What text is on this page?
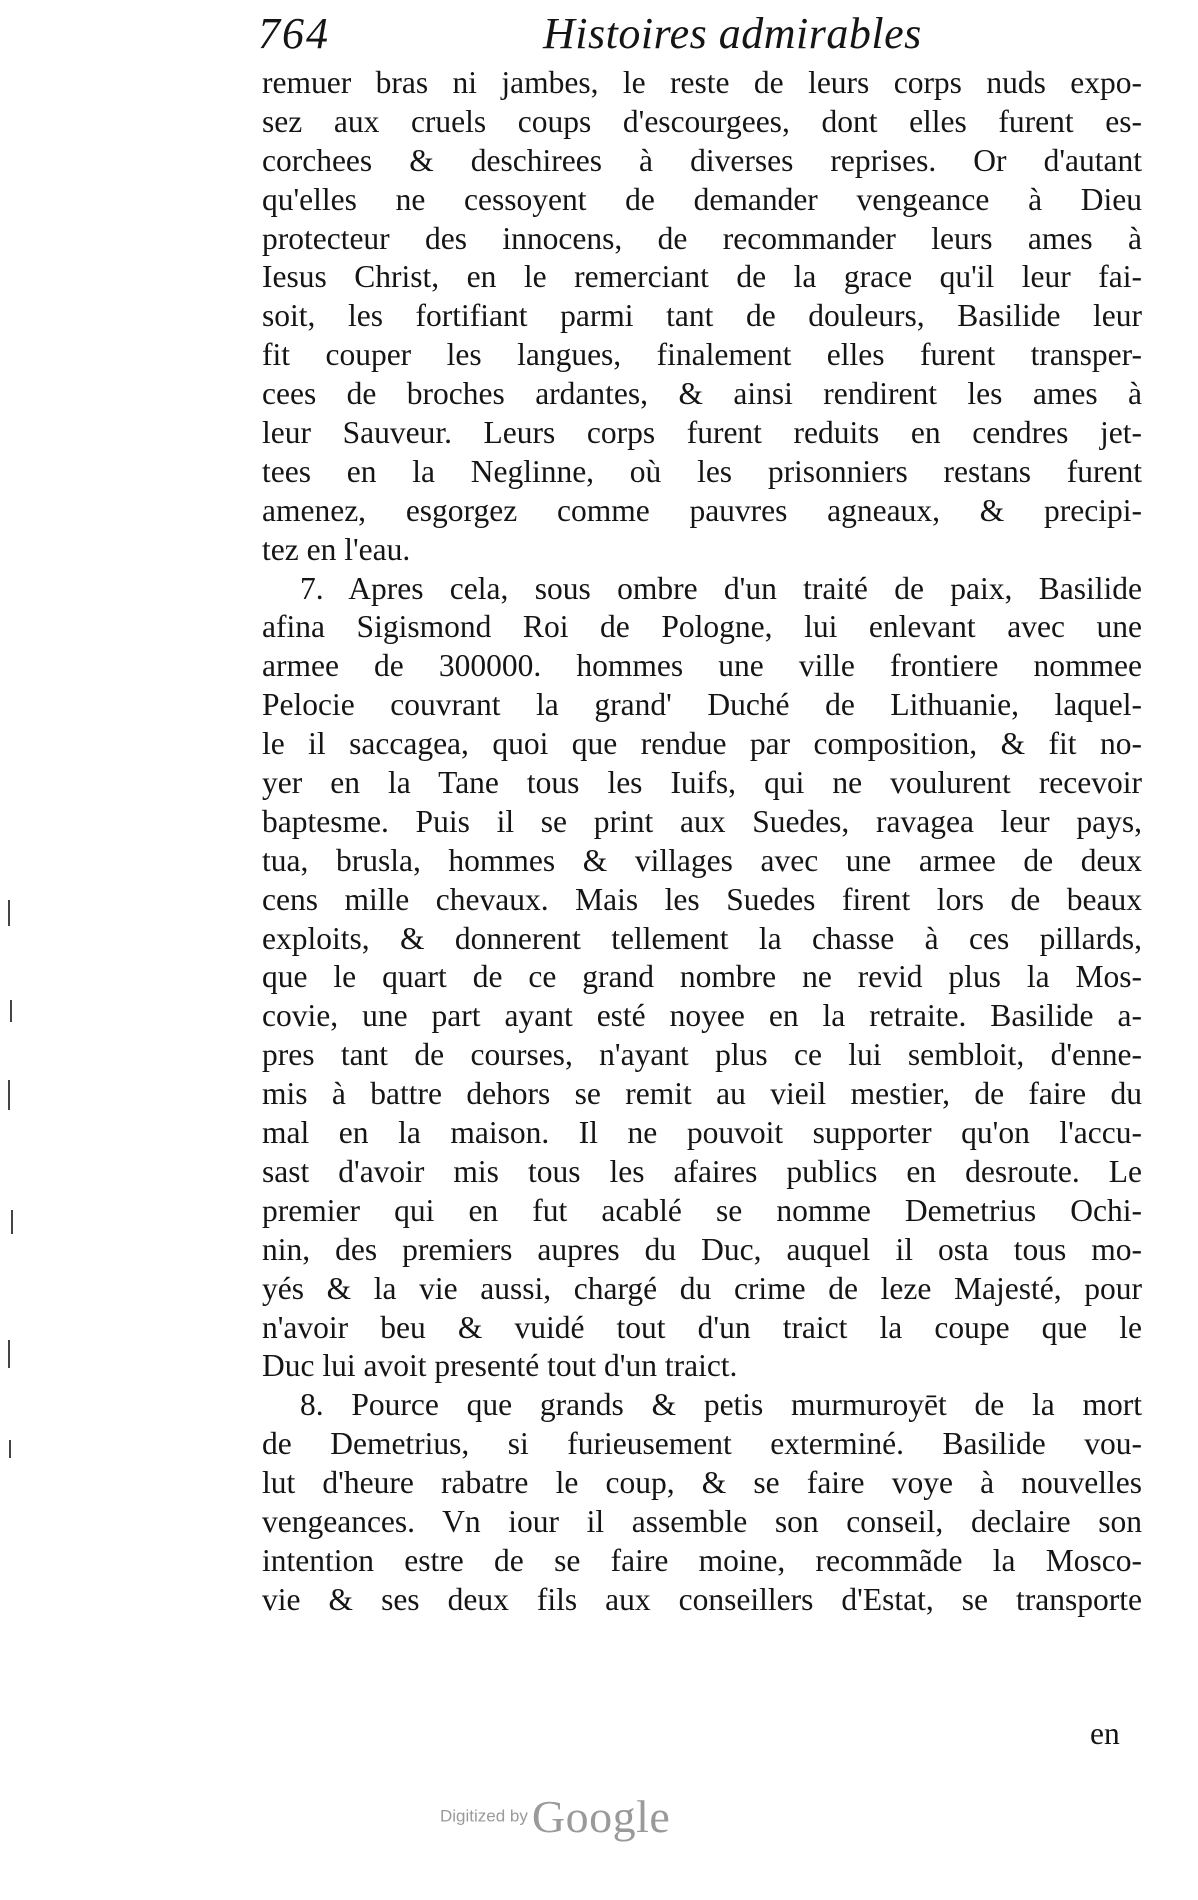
764	Histoires admirables
remuer bras ni jambes, le reste de leurs corps nuds expo-
sez aux cruels coups d'escourgees, dont elles furent es-
corchees & deschirees à diverses reprises. Or d'autant
qu'elles ne cessoyent de demander vengeance à Dieu
protecteur des innocens, de recommander leurs ames à
Iesus Christ, en le remerciant de la grace qu'il leur fai-
soit, les fortifiant parmi tant de douleurs, Basilide leur
fit couper les langues, finalement elles furent transper-
cees de broches ardantes, & ainsi rendirent les ames à
leur Sauveur. Leurs corps furent reduits en cendres jet-
tees en la Neglinne, où les prisonniers restans furent
amenez, esgorgez comme pauvres agneaux, & precipi-
tez en l'eau.
7. Apres cela, sous ombre d'un traité de paix, Basilide
afina Sigismond Roi de Pologne, lui enlevant avec une
armee de 300000. hommes une ville frontiere nommee
Pelocie couvrant la grand' Duché de Lithuanie, laquel-
le il saccagea, quoi que rendue par composition, & fit no-
yer en la Tane tous les Iuifs, qui ne voulurent recevoir
baptesme. Puis il se print aux Suedes, ravagea leur pays,
tua, brusla, hommes & villages avec une armee de deux
cens mille chevaux. Mais les Suedes firent lors de beaux
exploits, & donnerent tellement la chasse à ces pillards,
que le quart de ce grand nombre ne revid plus la Mos-
covie, une part ayant esté noyee en la retraite. Basilide a-
pres tant de courses, n'ayant plus ce lui sembloit, d'enne-
mis à battre dehors se remit au vieil mestier, de faire du
mal en la maison. Il ne pouvoit supporter qu'on l'accu-
sast d'avoir mis tous les afaires publics en desroute. Le
premier qui en fut acablé se nomme Demetrius Ochi-
nin, des premiers aupres du Duc, auquel il osta tous mo-
yés & la vie aussi, chargé du crime de leze Majesté, pour
n'avoir beu & vuidé tout d'un traict la coupe que le
Duc lui avoit presenté tout d'un traict.
8. Pource que grands & petis murmuroyēt de la mort
de Demetrius, si furieusement exterminé. Basilide vou-
lut d'heure rabatre le coup, & se faire voye à nouvelles
vengeances. Vn iour il assemble son conseil, declaire son
intention estre de se faire moine, recommãde la Mosco-
vie & ses deux fils aux conseillers d'Estat, se transporte
en
Digitized by Google
